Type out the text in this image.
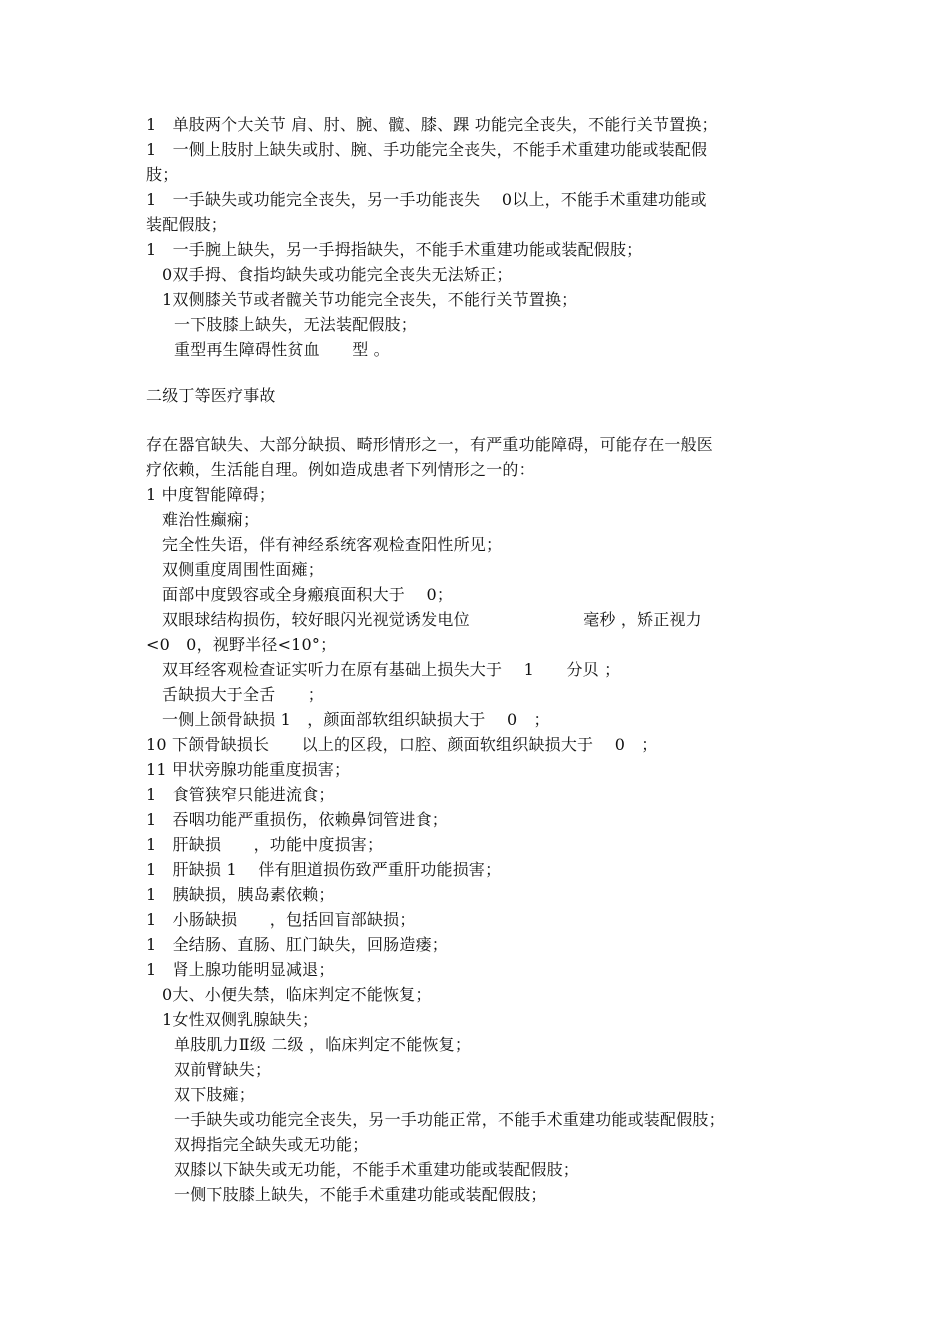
1　单肢两个大关节 肩、肘、腕、髋、膝、踝 功能完全丧失，不能行关节置换；
1　一侧上肢肘上缺失或肘、腕、手功能完全丧失，不能手术重建功能或装配假
肢；
1　一手缺失或功能完全丧失，另一手功能丧失　 0以上，不能手术重建功能或
装配假肢；
1　一手腕上缺失，另一手拇指缺失，不能手术重建功能或装配假肢；
0双手拇、食指均缺失或功能完全丧失无法矫正；
1双侧膝关节或者髋关节功能完全丧失，不能行关节置换；
一下肢膝上缺失，无法装配假肢；
重型再生障碍性贫血　　型 。
二级丁等医疗事故
存在器官缺失、大部分缺损、畸形情形之一，有严重功能障碍，可能存在一般医
疗依赖，生活能自理。例如造成患者下列情形之一的：
1 中度智能障碍；
难治性癫痫；
完全性失语，伴有神经系统客观检查阳性所见；
双侧重度周围性面瘫；
面部中度毁容或全身瘢痕面积大于　 0；
双眼球结构损伤，较好眼闪光视觉诱发电位　　　　　　　毫秒 ，矫正视力
<0　0，视野半径<10°；
双耳经客观检查证实听力在原有基础上损失大于　 1　　分贝 ；
舌缺损大于全舌　　；
一侧上颌骨缺损 1　，颜面部软组织缺损大于　 0　；
10 下颌骨缺损长　　以上的区段，口腔、颜面软组织缺损大于　 0　；
11 甲状旁腺功能重度损害；
1　食管狭窄只能进流食；
1　吞咽功能严重损伤，依赖鼻饲管进食；
1　肝缺损　　，功能中度损害；
1　肝缺损 1　 伴有胆道损伤致严重肝功能损害；
1　胰缺损，胰岛素依赖；
1　小肠缺损　　，包括回盲部缺损；
1　全结肠、直肠、肛门缺失，回肠造瘘；
1　肾上腺功能明显减退；
0大、小便失禁，临床判定不能恢复；
1女性双侧乳腺缺失；
单肢肌力Ⅱ级 二级 ，临床判定不能恢复；
双前臂缺失；
双下肢瘫；
一手缺失或功能完全丧失，另一手功能正常，不能手术重建功能或装配假肢；
双拇指完全缺失或无功能；
双膝以下缺失或无功能，不能手术重建功能或装配假肢；
一侧下肢膝上缺失，不能手术重建功能或装配假肢；
